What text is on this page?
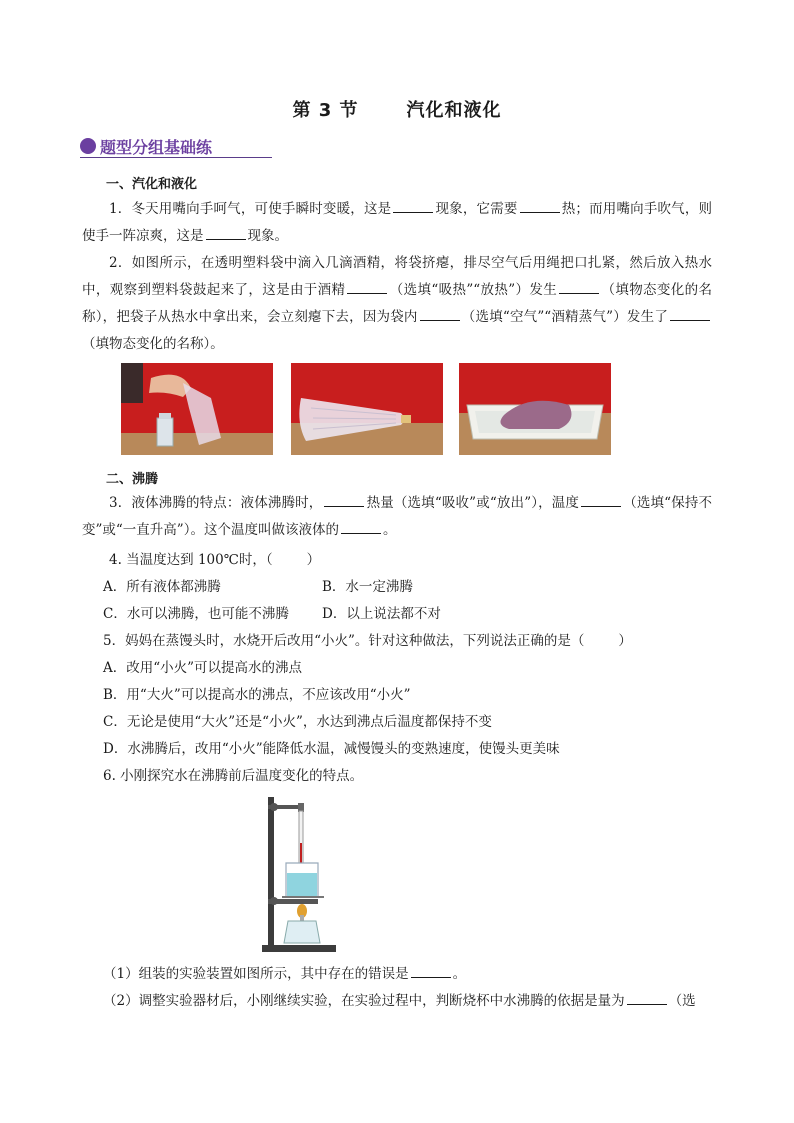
第 3 节	汽化和液化
题型分组基础练
一、汽化和液化
1．冬天用嘴向手呵气，可使手瞬时变暖，这是	现象，它需要	热；而用嘴向手吹气，则使手一阵凉爽，这是	现象。
2．如图所示，在透明塑料袋中滴入几滴酒精，将袋挤瘪，排尽空气后用绳把口扎紧，然后放入热水中，观察到塑料袋鼓起来了，这是由于酒精	（选填“吸热”“放热”）发生	（填物态变化的名称），把袋子从热水中拿出来，会立刻瘪下去，因为袋内	（选填“空气”“酒精蒸气”）发生了（填物态变化的名称）。
二、沸腾
3．液体沸腾的特点：液体沸腾时，	热量（选填“吸收”或“放出”），温度	（选填“保持不变”或“一直升高”）。这个温度叫做该液体的	。
4. 当温度达到 100℃时，（	）
A．所有液体都沸腾	B．水一定沸腾
C．水可以沸腾，也可能不沸腾 D．以上说法都不对
5．妈妈在蒸馒头时，水烧开后改用“小火”。针对这种做法，下列说法正确的是（	）
A．改用“小火”可以提高水的沸点
B．用“大火”可以提高水的沸点，不应该改用“小火”
C．无论是使用“大火”还是“小火”，水达到沸点后温度都保持不变
D．水沸腾后，改用“小火”能降低水温，减慢馒头的变熟速度，使馒头更美味
6. 小刚探究水在沸腾前后温度变化的特点。
（1）组装的实验装置如图所示，其中存在的错误是	。
（2）调整实验器材后，小刚继续实验，在实验过程中，判断烧杯中水沸腾的依据是量为	（选
